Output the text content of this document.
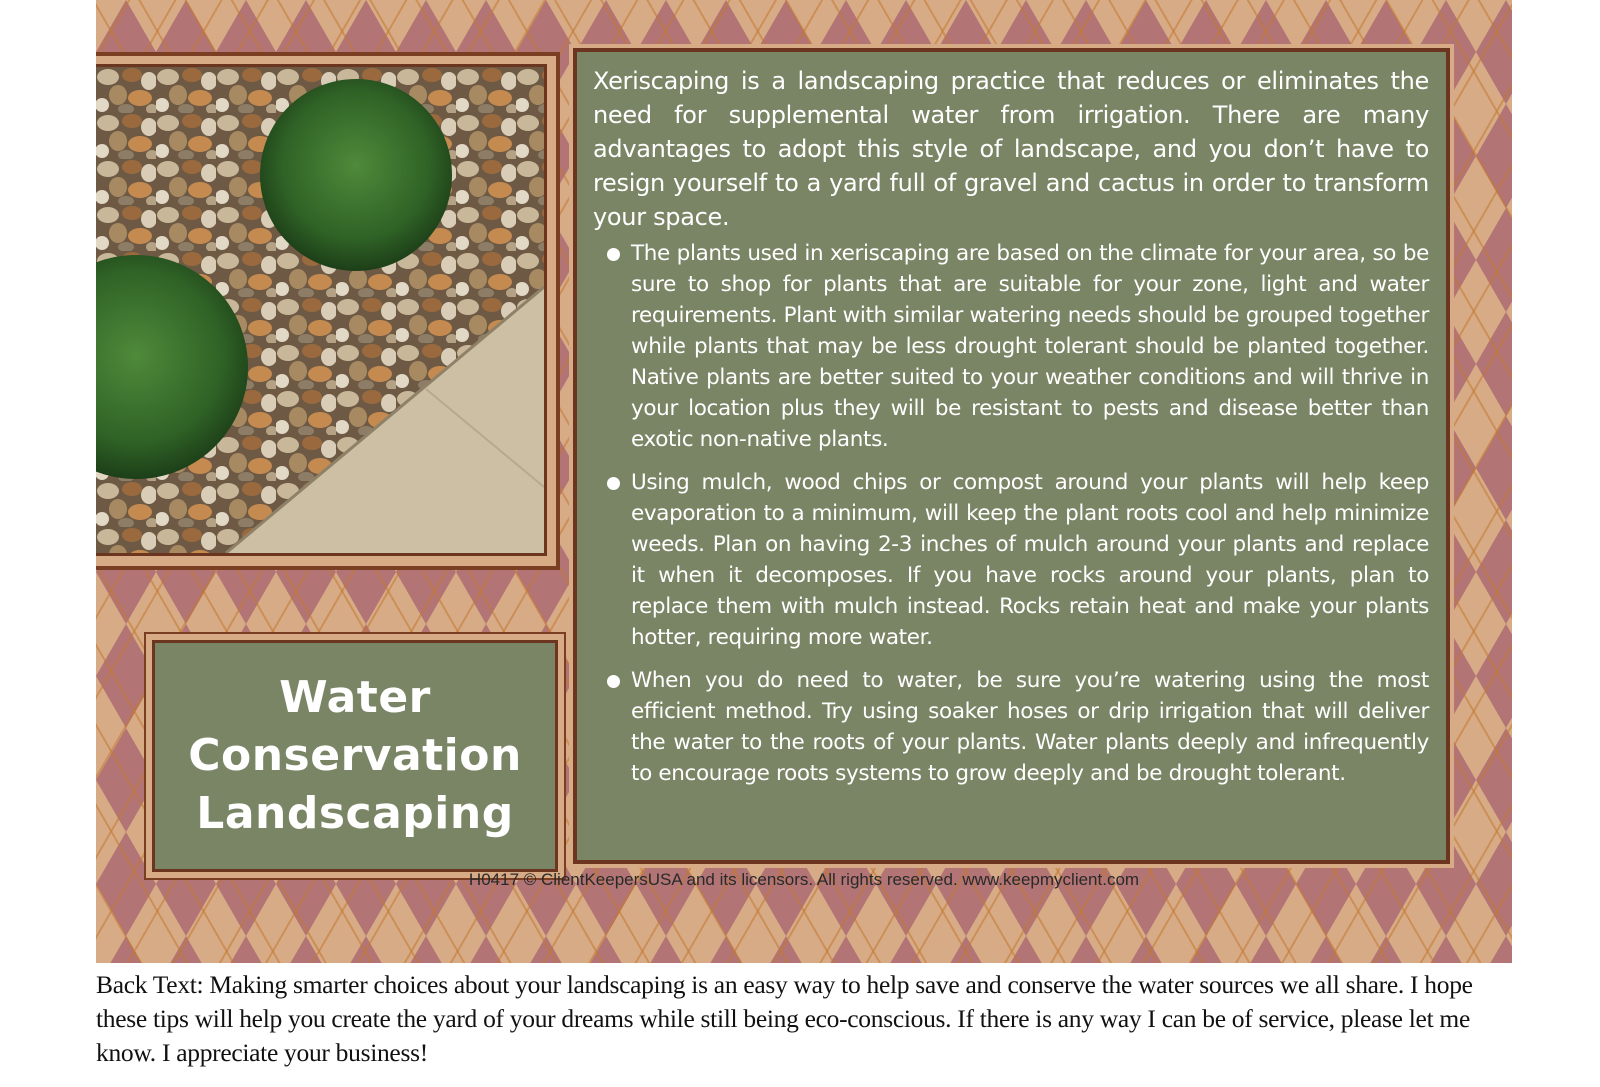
Water
Conservation
Landscaping

Xeriscaping is a landscaping practice that reduces or eliminates the need for supplemental water from irrigation. There are many advantages to adopt this style of landscape, and you don’t have to resign yourself to a yard full of gravel and cactus in order to transform your space.

The plants used in xeriscaping are based on the climate for your area, so be sure to shop for plants that are suitable for your zone, light and water requirements. Plant with similar watering needs should be grouped together while plants that may be less drought tolerant should be planted together. Native plants are better suited to your weather conditions and will thrive in your location plus they will be resistant to pests and disease better than exotic non-native plants.
Using mulch, wood chips or compost around your plants will help keep evaporation to a minimum, will keep the plant roots cool and help minimize weeds. Plan on having 2-3 inches of mulch around your plants and replace it when it decomposes. If you have rocks around your plants, plan to replace them with mulch instead. Rocks retain heat and make your plants hotter, requiring more water.
When you do need to water, be sure you’re watering using the most efficient method. Try using soaker hoses or drip irrigation that will deliver the water to the roots of your plants. Water plants deeply and infrequently to encourage roots systems to grow deeply and be drought tolerant.
H0417 © ClientKeepersUSA and its licensors. All rights reserved. www.keepmyclient.com

Back Text: Making smarter choices about your landscaping is an easy way to help save and conserve the water sources we all share. I hope these tips will help you create the yard of your dreams while still being eco-conscious. If there is any way I can be of service, please let me know. I appreciate your business!
